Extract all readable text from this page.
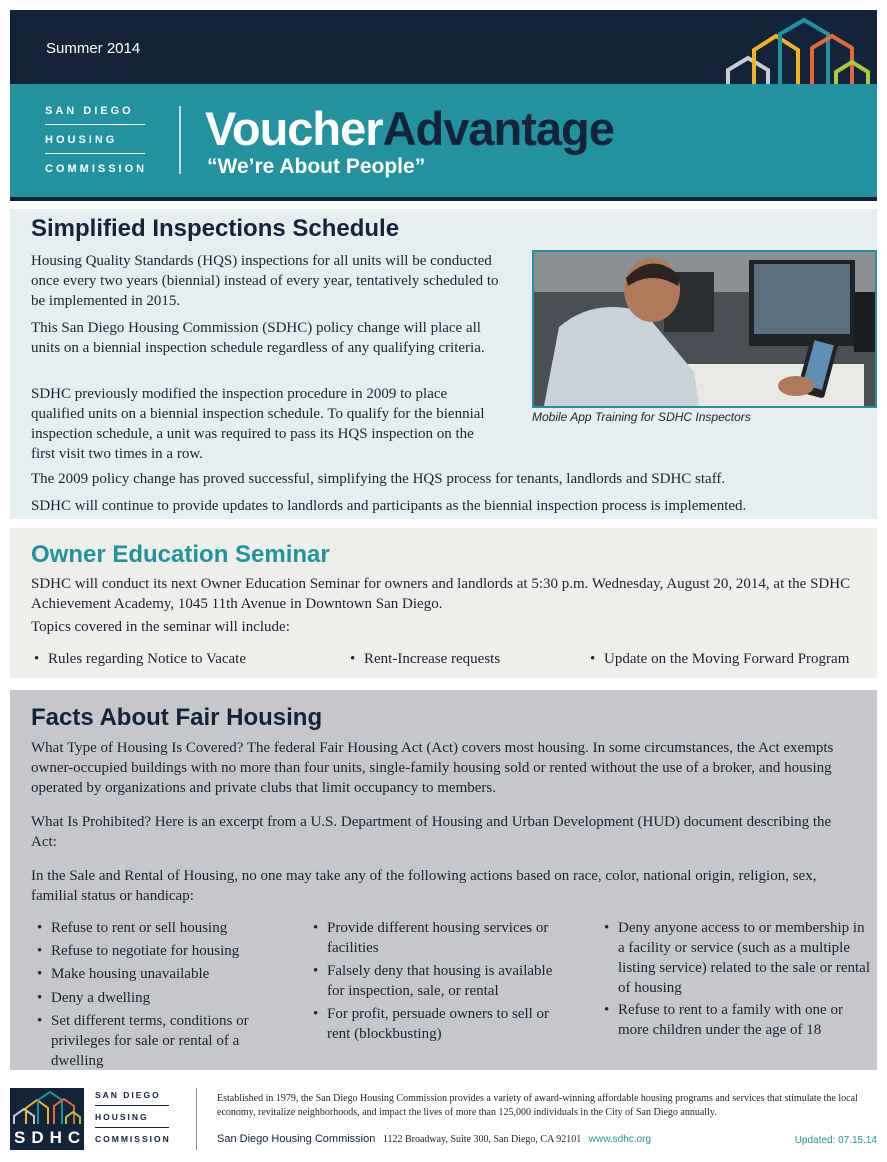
Summer 2014
SAN DIEGO
HOUSING
COMMISSION
VoucherAdvantage
“We’re About People”
Simplified Inspections Schedule
Housing Quality Standards (HQS) inspections for all units will be conducted once every two years (biennial) instead of every year, tentatively scheduled to be implemented in 2015.
This San Diego Housing Commission (SDHC) policy change will place all units on a biennial inspection schedule regardless of any qualifying criteria.
SDHC previously modified the inspection procedure in 2009 to place qualified units on a biennial inspection schedule. To qualify for the biennial inspection schedule, a unit was required to pass its HQS inspection on the first visit two times in a row.
The 2009 policy change has proved successful, simplifying the HQS process for tenants, landlords and SDHC staff.
SDHC will continue to provide updates to landlords and participants as the biennial inspection process is implemented.
Mobile App Training for SDHC Inspectors
Owner Education Seminar
SDHC will conduct its next Owner Education Seminar for owners and landlords at 5:30 p.m. Wednesday, August 20, 2014, at the SDHC Achievement Academy, 1045 11th Avenue in Downtown San Diego.
Topics covered in the seminar will include:
• Rules regarding Notice to Vacate	• Rent-Increase requests	• Update on the Moving Forward Program
Facts About Fair Housing
What Type of Housing Is Covered? The federal Fair Housing Act (Act) covers most housing. In some circumstances, the Act exempts owner-occupied buildings with no more than four units, single-family housing sold or rented without the use of a broker, and housing operated by organizations and private clubs that limit occupancy to members.
What Is Prohibited? Here is an excerpt from a U.S. Department of Housing and Urban Development (HUD) document describing the Act:
In the Sale and Rental of Housing, no one may take any of the following actions based on race, color, national origin, religion, sex, familial status or handicap:
• Refuse to rent or sell housing
• Refuse to negotiate for housing
• Make housing unavailable
• Deny a dwelling
• Set different terms, conditions or privileges for sale or rental of a dwelling
• Provide different housing services or facilities
• Falsely deny that housing is available for inspection, sale, or rental
• For profit, persuade owners to sell or rent (blockbusting)
• Deny anyone access to or membership in a facility or service (such as a multiple listing service) related to the sale or rental of housing
• Refuse to rent to a family with one or more children under the age of 18
SDHC
SAN DIEGO
HOUSING
COMMISSION
Established in 1979, the San Diego Housing Commission provides a variety of award-winning affordable housing programs and services that stimulate the local economy, revitalize neighborhoods, and impact the lives of more than 125,000 individuals in the City of San Diego annually.
San Diego Housing Commission 1122 Broadway, Suite 300, San Diego, CA 92101 www.sdhc.org	Updated: 07.15.14
